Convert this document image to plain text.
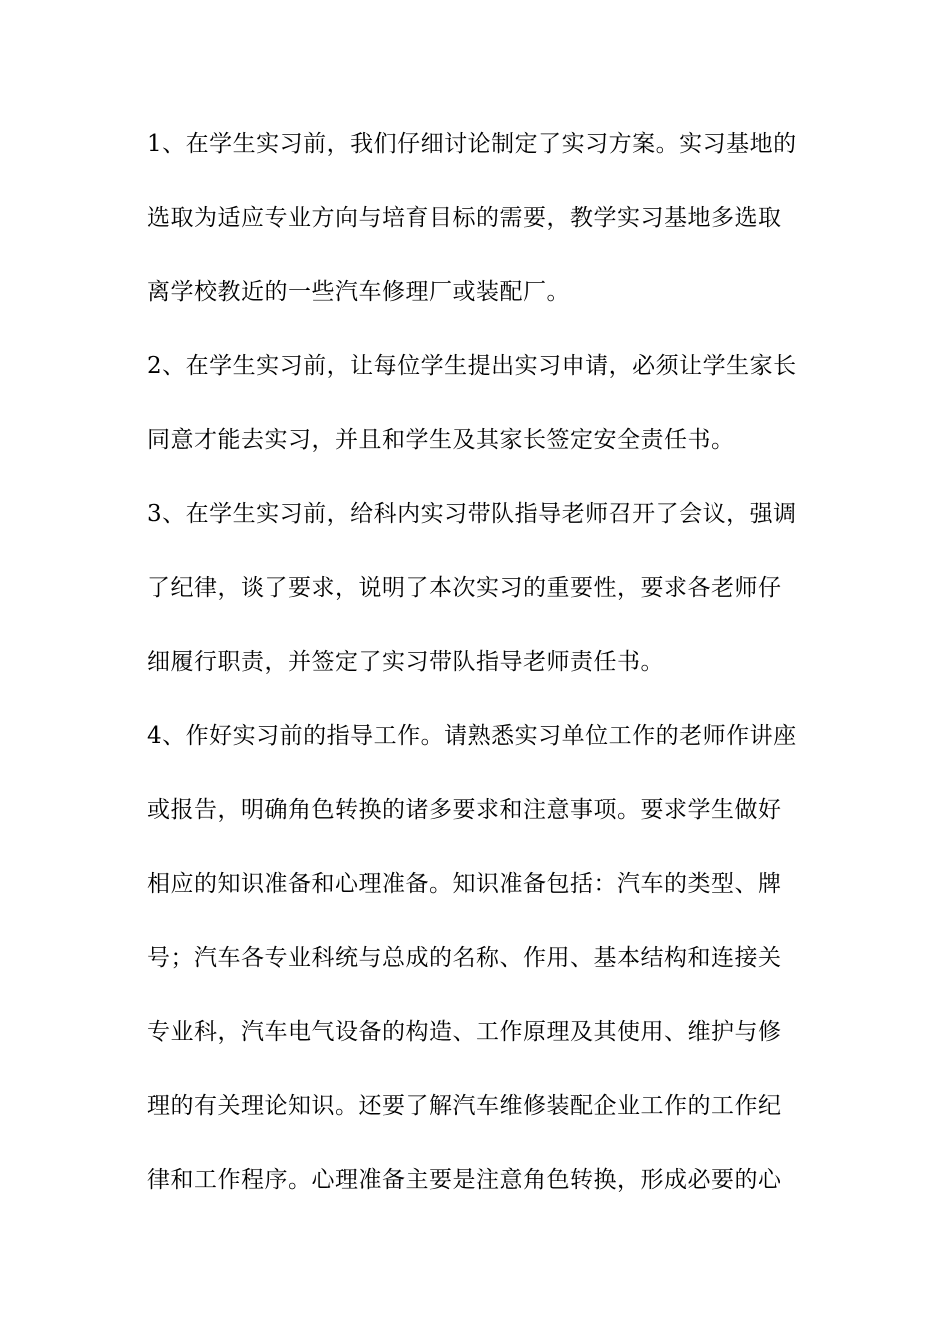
1、在学生实习前，我们仔细讨论制定了实习方案。实习基地的
选取为适应专业方向与培育目标的需要，教学实习基地多选取
离学校教近的一些汽车修理厂或装配厂。
2、在学生实习前，让每位学生提出实习申请，必须让学生家长
同意才能去实习，并且和学生及其家长签定安全责任书。
3、在学生实习前，给科内实习带队指导老师召开了会议，强调
了纪律，谈了要求，说明了本次实习的重要性，要求各老师仔
细履行职责，并签定了实习带队指导老师责任书。
4、作好实习前的指导工作。请熟悉实习单位工作的老师作讲座
或报告，明确角色转换的诸多要求和注意事项。要求学生做好
相应的知识准备和心理准备。知识准备包括：汽车的类型、牌
号；汽车各专业科统与总成的名称、作用、基本结构和连接关
专业科，汽车电气设备的构造、工作原理及其使用、维护与修
理的有关理论知识。还要了解汽车维修装配企业工作的工作纪
律和工作程序。心理准备主要是注意角色转换，形成必要的心
